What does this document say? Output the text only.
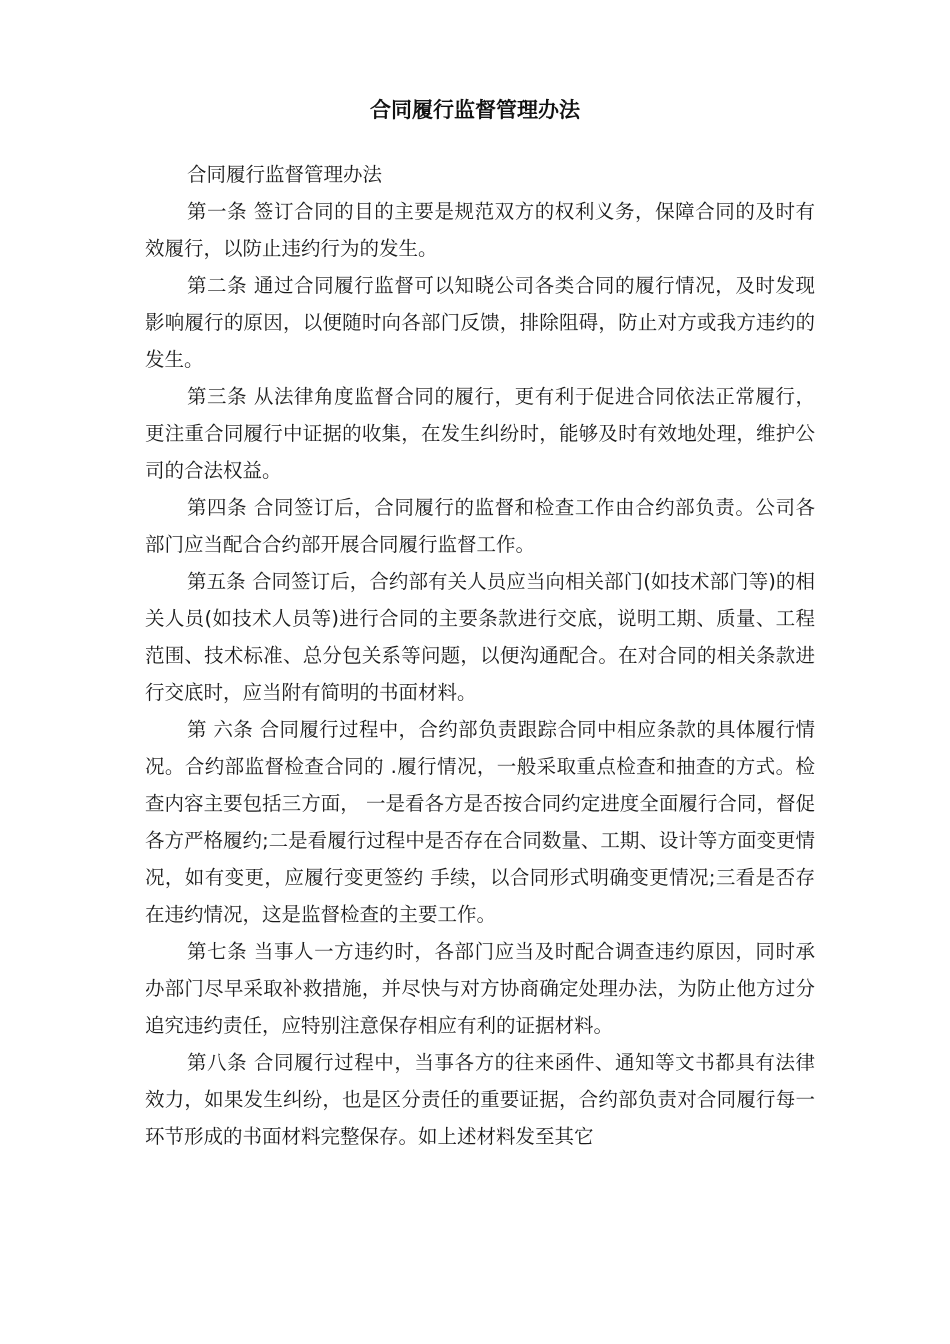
合同履行监督管理办法

合同履行监督管理办法

第一条 签订合同的目的主要是规范双方的权利义务，保障合同的及时有效履行，以防止违约行为的发生。

第二条 通过合同履行监督可以知晓公司各类合同的履行情况，及时发现影响履行的原因，以便随时向各部门反馈，排除阻碍，防止对方或我方违约的发生。

第三条 从法律角度监督合同的履行，更有利于促进合同依法正常履行，更注重合同履行中证据的收集，在发生纠纷时，能够及时有效地处理，维护公司的合法权益。

第四条 合同签订后，合同履行的监督和检查工作由合约部负责。公司各部门应当配合合约部开展合同履行监督工作。

第五条 合同签订后，合约部有关人员应当向相关部门(如技术部门等)的相关人员(如技术人员等)进行合同的主要条款进行交底，说明工期、质量、工程范围、技术标准、总分包关系等问题，以便沟通配合。在对合同的相关条款进行交底时，应当附有简明的书面材料。

第 六条 合同履行过程中，合约部负责跟踪合同中相应条款的具体履行情况。合约部监督检查合同的 .履行情况，一般采取重点检查和抽查的方式。检查内容主要包括三方面， 一是看各方是否按合同约定进度全面履行合同，督促各方严格履约;二是看履行过程中是否存在合同数量、工期、设计等方面变更情况，如有变更，应履行变更签约 手续，以合同形式明确变更情况;三看是否存在违约情况，这是监督检查的主要工作。

第七条 当事人一方违约时，各部门应当及时配合调查违约原因，同时承办部门尽早采取补救措施，并尽快与对方协商确定处理办法，为防止他方过分追究违约责任，应特别注意保存相应有利的证据材料。

第八条 合同履行过程中，当事各方的往来函件、通知等文书都具有法律效力，如果发生纠纷，也是区分责任的重要证据，合约部负责对合同履行每一环节形成的书面材料完整保存。如上述材料发至其它
